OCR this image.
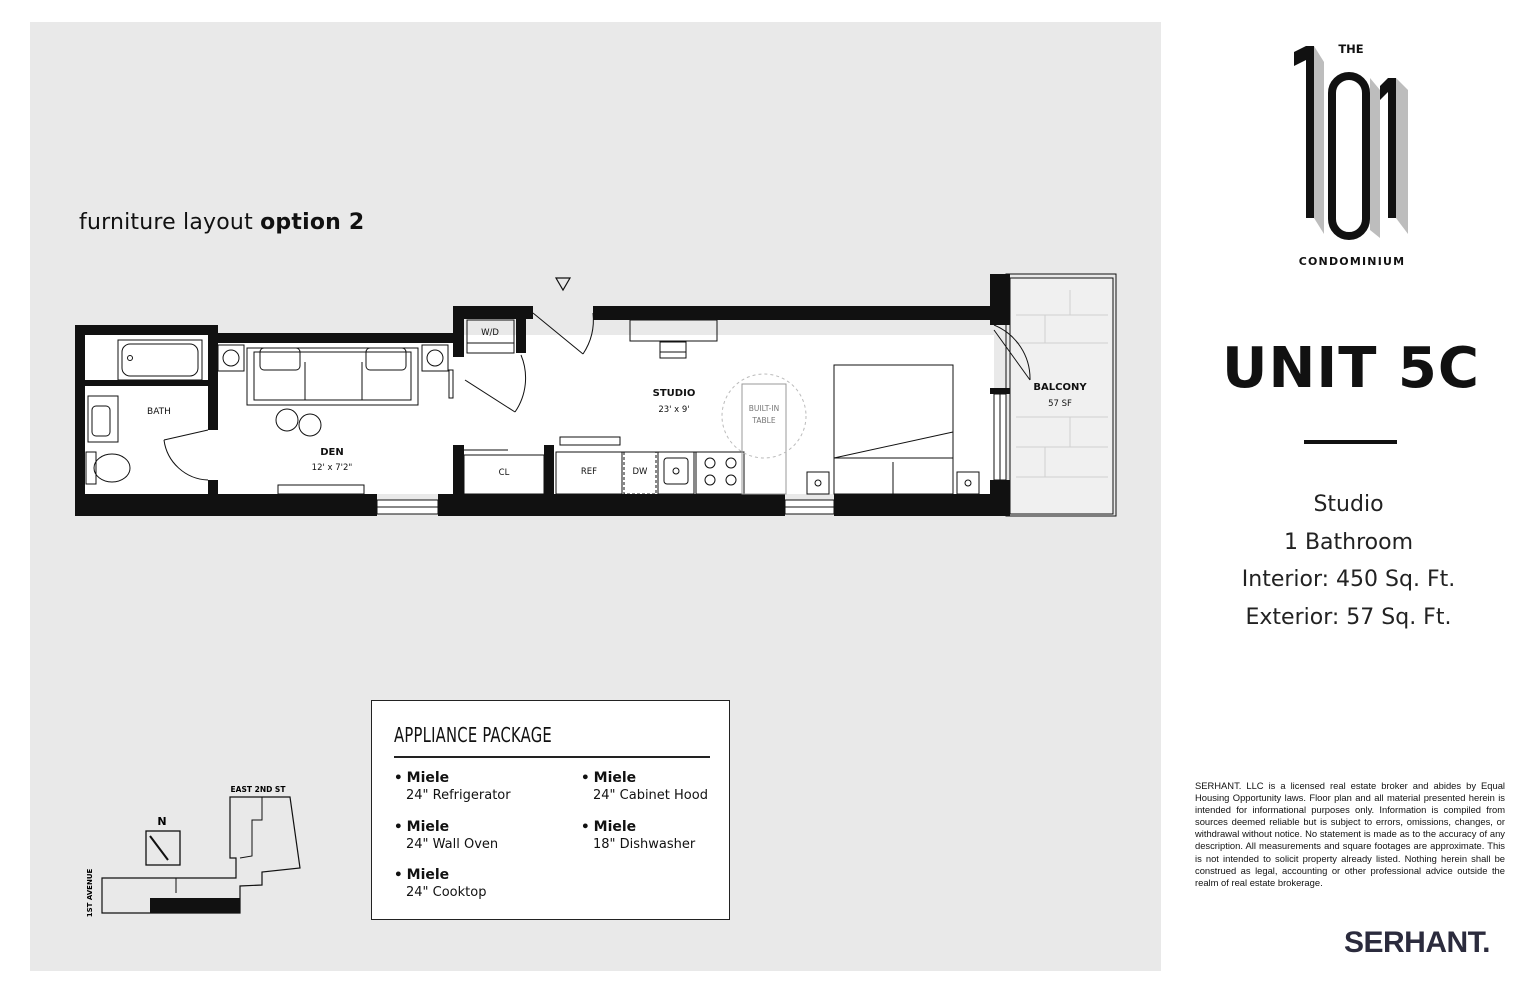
furniture layout option 2
BATH
DEN
12' x 7'2"
W/D
STUDIO
23' x 9'	BUILT-IN
TABLE
CL	REF	DW
BALCONY
57 SF
N
EAST 2ND ST
1ST AVENUE
APPLIANCE PACKAGE
• Miele
24" Refrigerator
• Miele
24" Wall Oven
• Miele
24" Cooktop
• Miele
24" Cabinet Hood
• Miele
18" Dishwasher
THE
101
CONDOMINIUM
UNIT 5C
Studio
1 Bathroom
Interior: 450 Sq. Ft.
Exterior: 57 Sq. Ft.
SERHANT. LLC is a licensed real estate broker and abides by Equal Housing Opportunity laws. Floor plan and all material presented herein is intended for informational purposes only. Information is compiled from sources deemed reliable but is subject to errors, omissions, changes, or withdrawal without notice. No statement is made as to the accuracy of any description. All measurements and square footages are approximate. This is not intended to solicit property already listed. Nothing herein shall be construed as legal, accounting or other professional advice outside the realm of real estate brokerage.
SERHANT.
